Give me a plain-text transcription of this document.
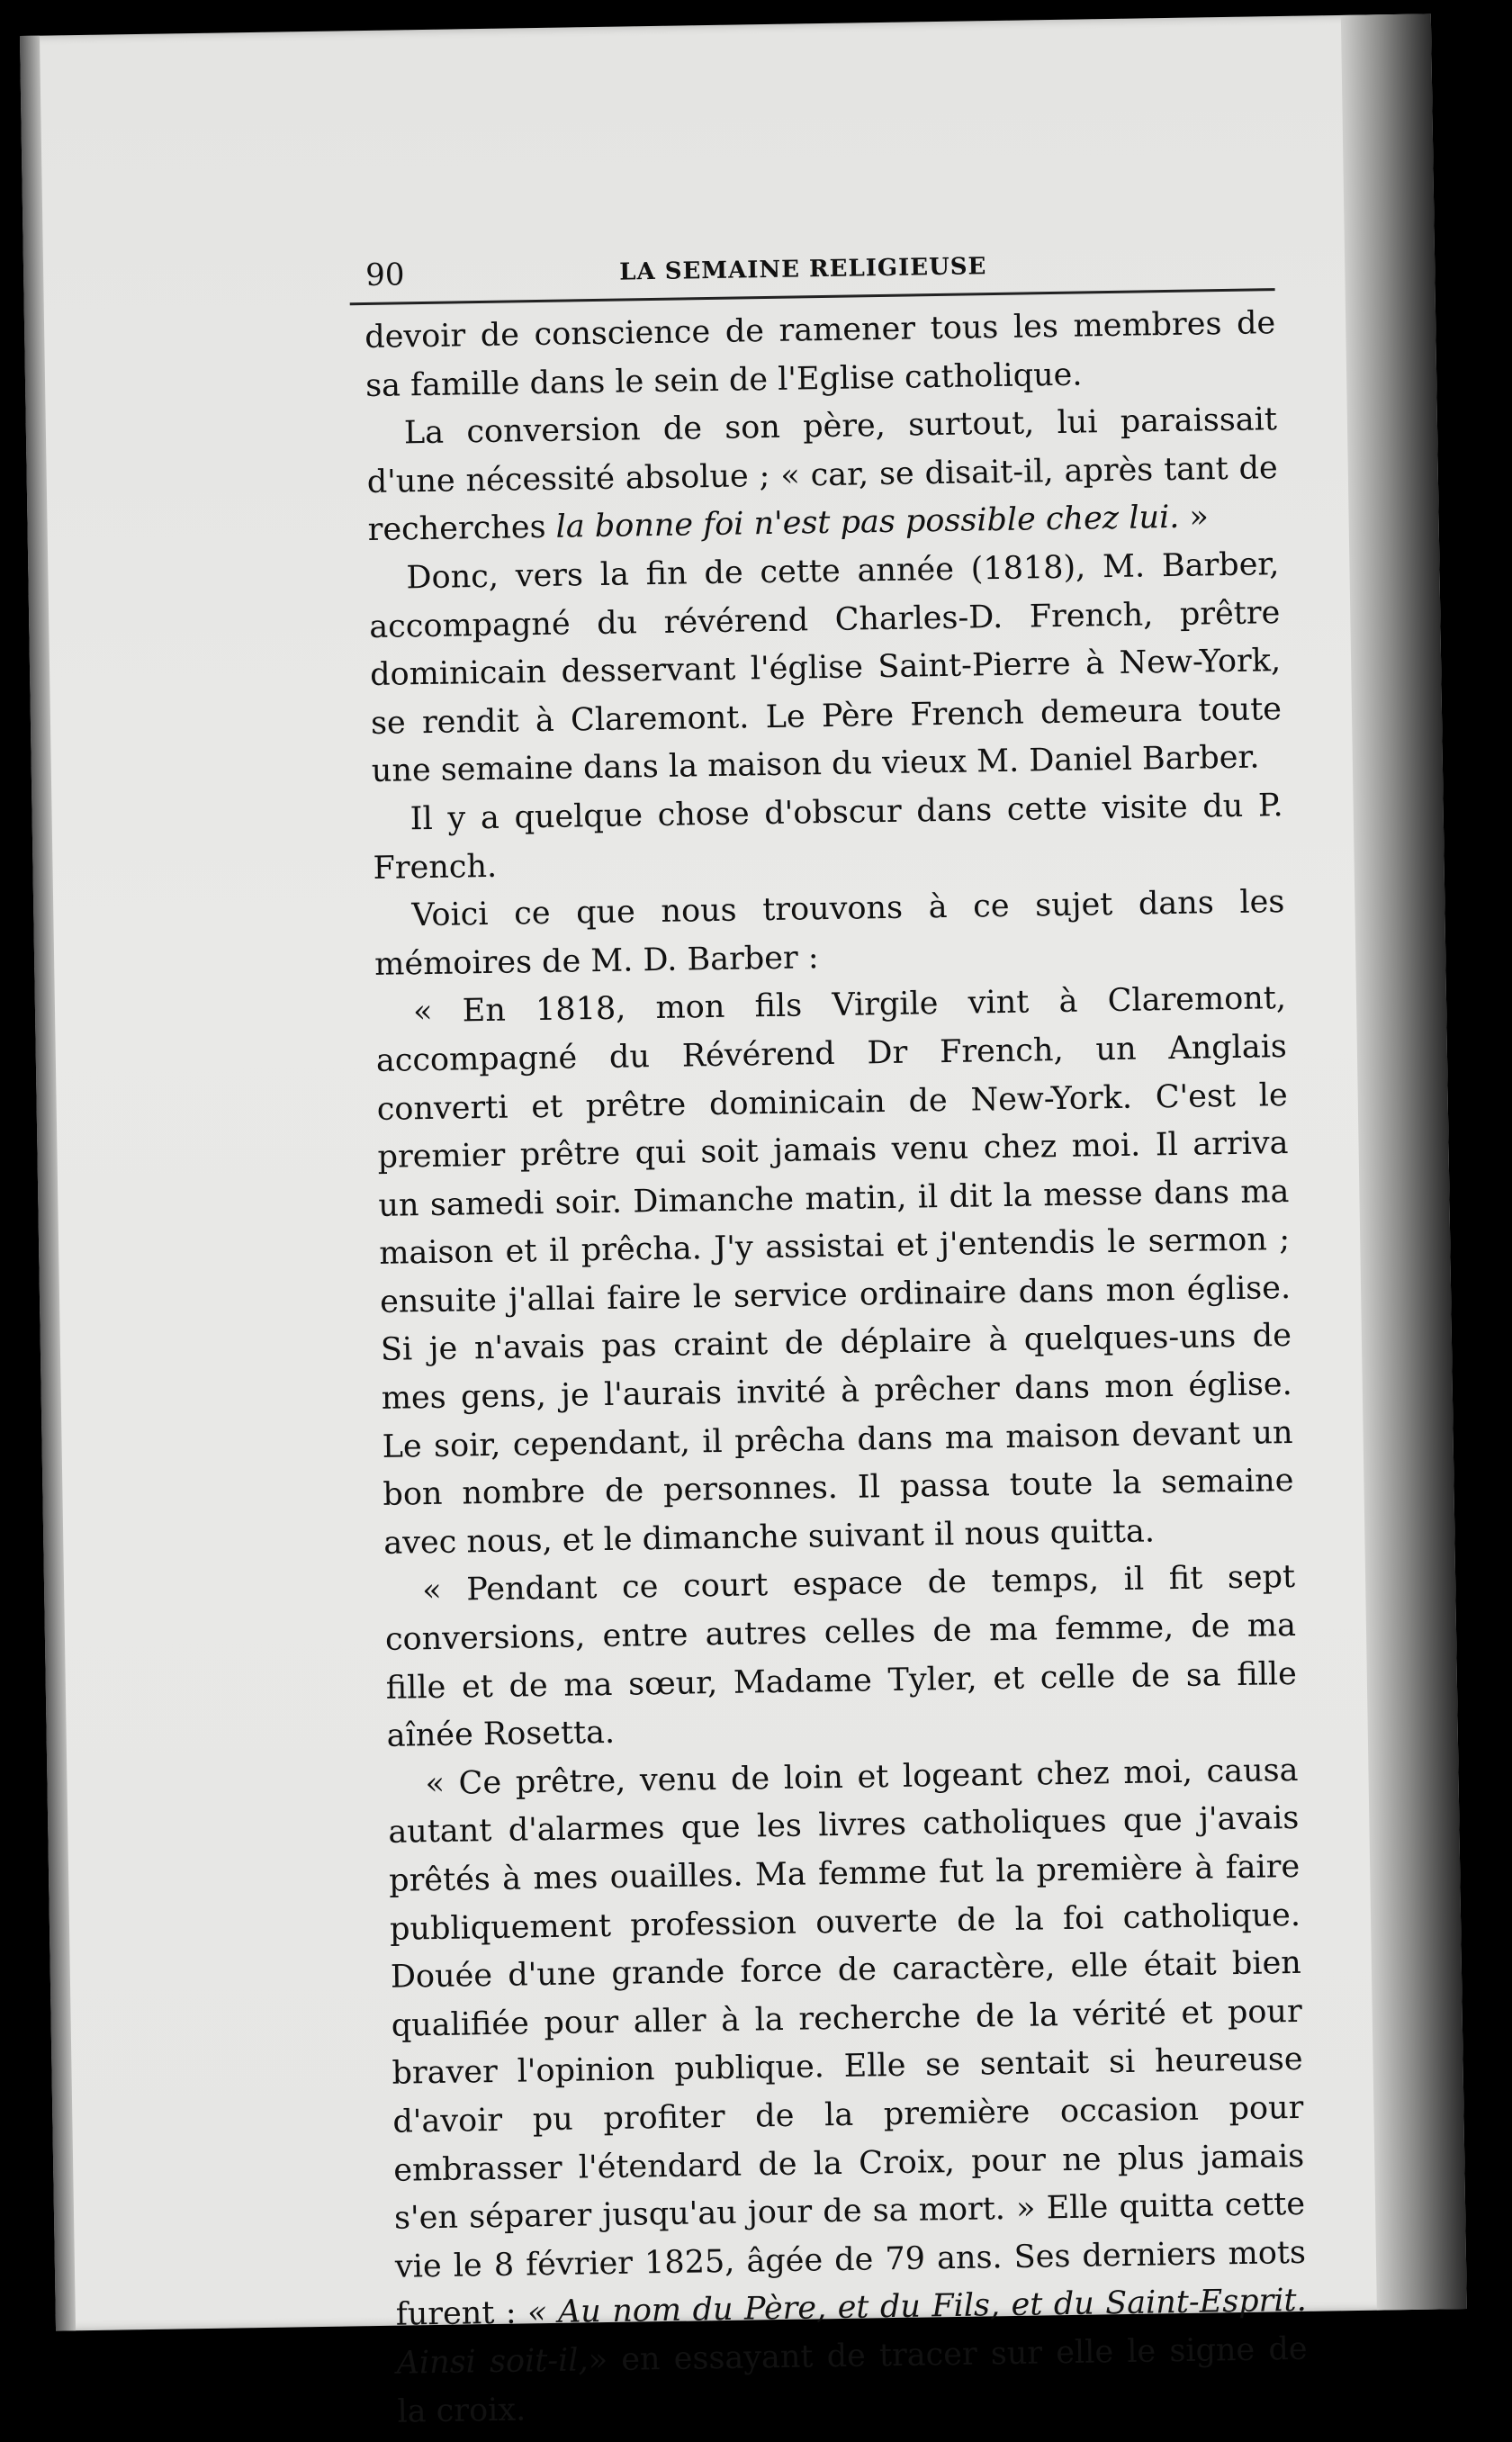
90	LA SEMAINE RELIGIEUSE

devoir de conscience de ramener tous les membres de sa famille dans le sein de l'Eglise catholique.

La conversion de son père, surtout, lui paraissait d'une nécessité absolue ; « car, se disait-il, après tant de recherches la bonne foi n'est pas possible chez lui. »

Donc, vers la fin de cette année (1818), M. Barber, accompagné du révérend Charles-D. French, prêtre dominicain desservant l'église Saint-Pierre à New-York, se rendit à Claremont. Le Père French demeura toute une semaine dans la maison du vieux M. Daniel Barber.

Il y a quelque chose d'obscur dans cette visite du P. French.

Voici ce que nous trouvons à ce sujet dans les mémoires de M. D. Barber :

« En 1818, mon fils Virgile vint à Claremont, accompagné du Révérend Dr French, un Anglais converti et prêtre dominicain de New-York. C'est le premier prêtre qui soit jamais venu chez moi. Il arriva un samedi soir. Dimanche matin, il dit la messe dans ma maison et il prêcha. J'y assistai et j'entendis le sermon ; ensuite j'allai faire le service ordinaire dans mon église. Si je n'avais pas craint de déplaire à quelques-uns de mes gens, je l'aurais invité à prêcher dans mon église. Le soir, cependant, il prêcha dans ma maison devant un bon nombre de personnes. Il passa toute la semaine avec nous, et le dimanche suivant il nous quitta.

« Pendant ce court espace de temps, il fit sept conversions, entre autres celles de ma femme, de ma fille et de ma sœur, Madame Tyler, et celle de sa fille aînée Rosetta.

« Ce prêtre, venu de loin et logeant chez moi, causa autant d'alarmes que les livres catholiques que j'avais prêtés à mes ouailles. Ma femme fut la première à faire publiquement profession ouverte de la foi catholique. Douée d'une grande force de caractère, elle était bien qualifiée pour aller à la recherche de la vérité et pour braver l'opinion publique. Elle se sentait si heureuse d'avoir pu profiter de la première occasion pour embrasser l'étendard de la Croix, pour ne plus jamais s'en séparer jusqu'au jour de sa mort. » Elle quitta cette vie le 8 février 1825, âgée de 79 ans. Ses derniers mots furent : « Au nom du Père, et du Fils, et du Saint-Esprit. Ainsi soit-il,» en essayant de tracer sur elle le signe de la croix.
